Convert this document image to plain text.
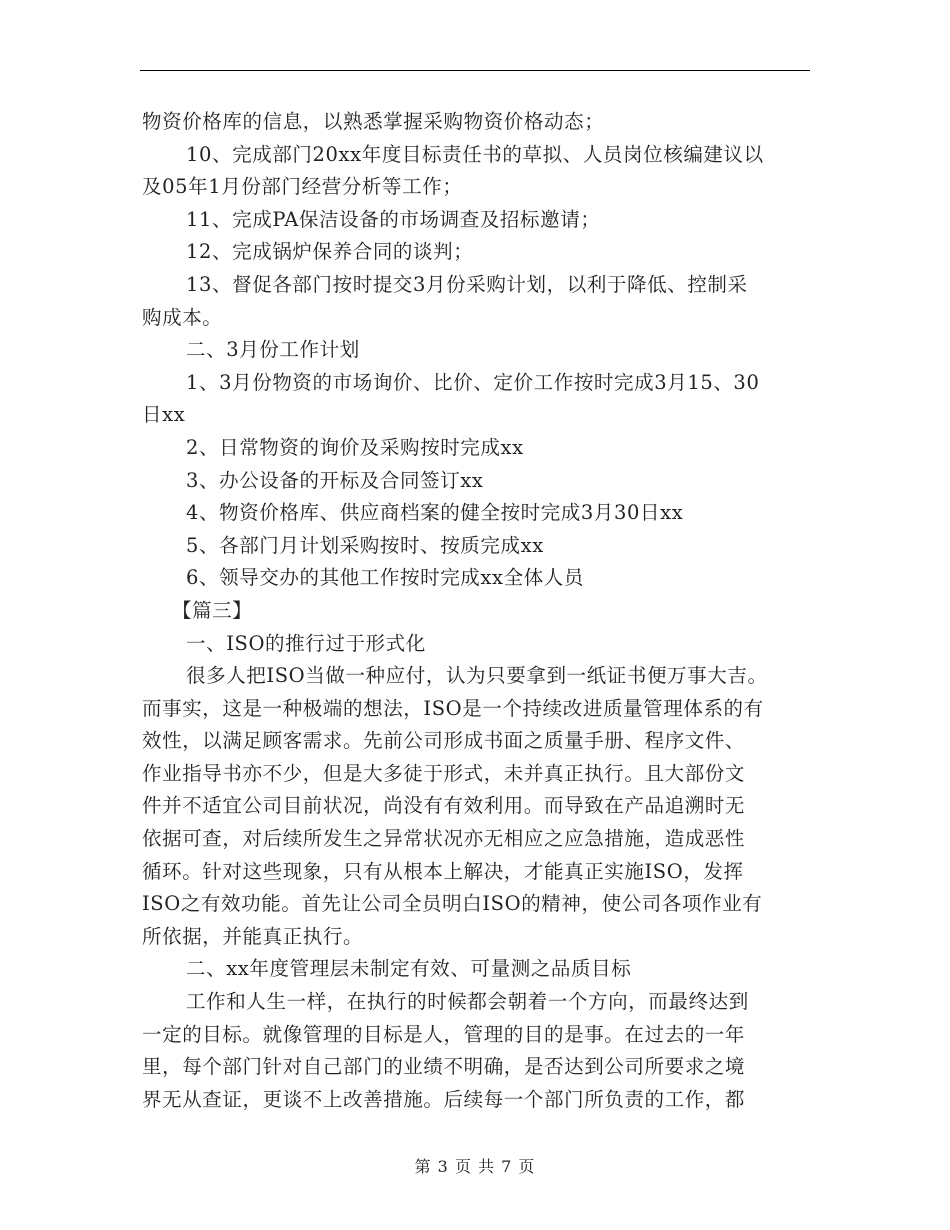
物资价格库的信息，以熟悉掌握采购物资价格动态；
10、完成部门20xx年度目标责任书的草拟、人员岗位核编建议以
及05年1月份部门经营分析等工作；
11、完成PA保洁设备的市场调查及招标邀请；
12、完成锅炉保养合同的谈判；
13、督促各部门按时提交3月份采购计划，以利于降低、控制采
购成本。
二、3月份工作计划
1、3月份物资的市场询价、比价、定价工作按时完成3月15、30
日xx
2、日常物资的询价及采购按时完成xx
3、办公设备的开标及合同签订xx
4、物资价格库、供应商档案的健全按时完成3月30日xx
5、各部门月计划采购按时、按质完成xx
6、领导交办的其他工作按时完成xx全体人员
【篇三】
一、ISO的推行过于形式化
很多人把ISO当做一种应付，认为只要拿到一纸证书便万事大吉。
而事实，这是一种极端的想法，ISO是一个持续改进质量管理体系的有
效性，以满足顾客需求。先前公司形成书面之质量手册、程序文件、
作业指导书亦不少，但是大多徒于形式，未并真正执行。且大部份文
件并不适宜公司目前状况，尚没有有效利用。而导致在产品追溯时无
依据可查，对后续所发生之异常状况亦无相应之应急措施，造成恶性
循环。针对这些现象，只有从根本上解决，才能真正实施ISO，发挥
ISO之有效功能。首先让公司全员明白ISO的精神，使公司各项作业有
所依据，并能真正执行。
二、xx年度管理层未制定有效、可量测之品质目标
工作和人生一样，在执行的时候都会朝着一个方向，而最终达到
一定的目标。就像管理的目标是人，管理的目的是事。在过去的一年
里，每个部门针对自己部门的业绩不明确，是否达到公司所要求之境
界无从查证，更谈不上改善措施。后续每一个部门所负责的工作，都
第 3 页 共 7 页
